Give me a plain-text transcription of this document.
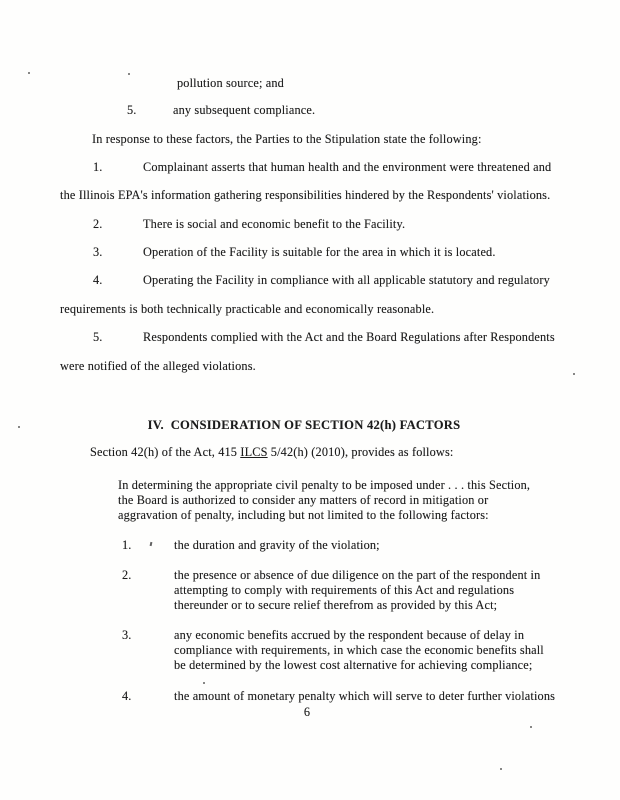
pollution source; and
5.	any subsequent compliance.
In response to these factors, the Parties to the Stipulation state the following:
1.	Complainant asserts that human health and the environment were threatened and
the Illinois EPA's information gathering responsibilities hindered by the Respondents' violations.
2.	There is social and economic benefit to the Facility.
3.	Operation of the Facility is suitable for the area in which it is located.
4.	Operating the Facility in compliance with all applicable statutory and regulatory
requirements is both technically practicable and economically reasonable.
5.	Respondents complied with the Act and the Board Regulations after Respondents
were notified of the alleged violations.
IV.  CONSIDERATION OF SECTION 42(h) FACTORS
Section 42(h) of the Act, 415 ILCS 5/42(h) (2010), provides as follows:
In determining the appropriate civil penalty to be imposed under . . . this Section,
the Board is authorized to consider any matters of record in mitigation or
aggravation of penalty, including but not limited to the following factors:
1.	the duration and gravity of the violation;
2.	the presence or absence of due diligence on the part of the respondent in
attempting to comply with requirements of this Act and regulations
thereunder or to secure relief therefrom as provided by this Act;
3.	any economic benefits accrued by the respondent because of delay in
compliance with requirements, in which case the economic benefits shall
be determined by the lowest cost alternative for achieving compliance;
4.	the amount of monetary penalty which will serve to deter further violations
6
